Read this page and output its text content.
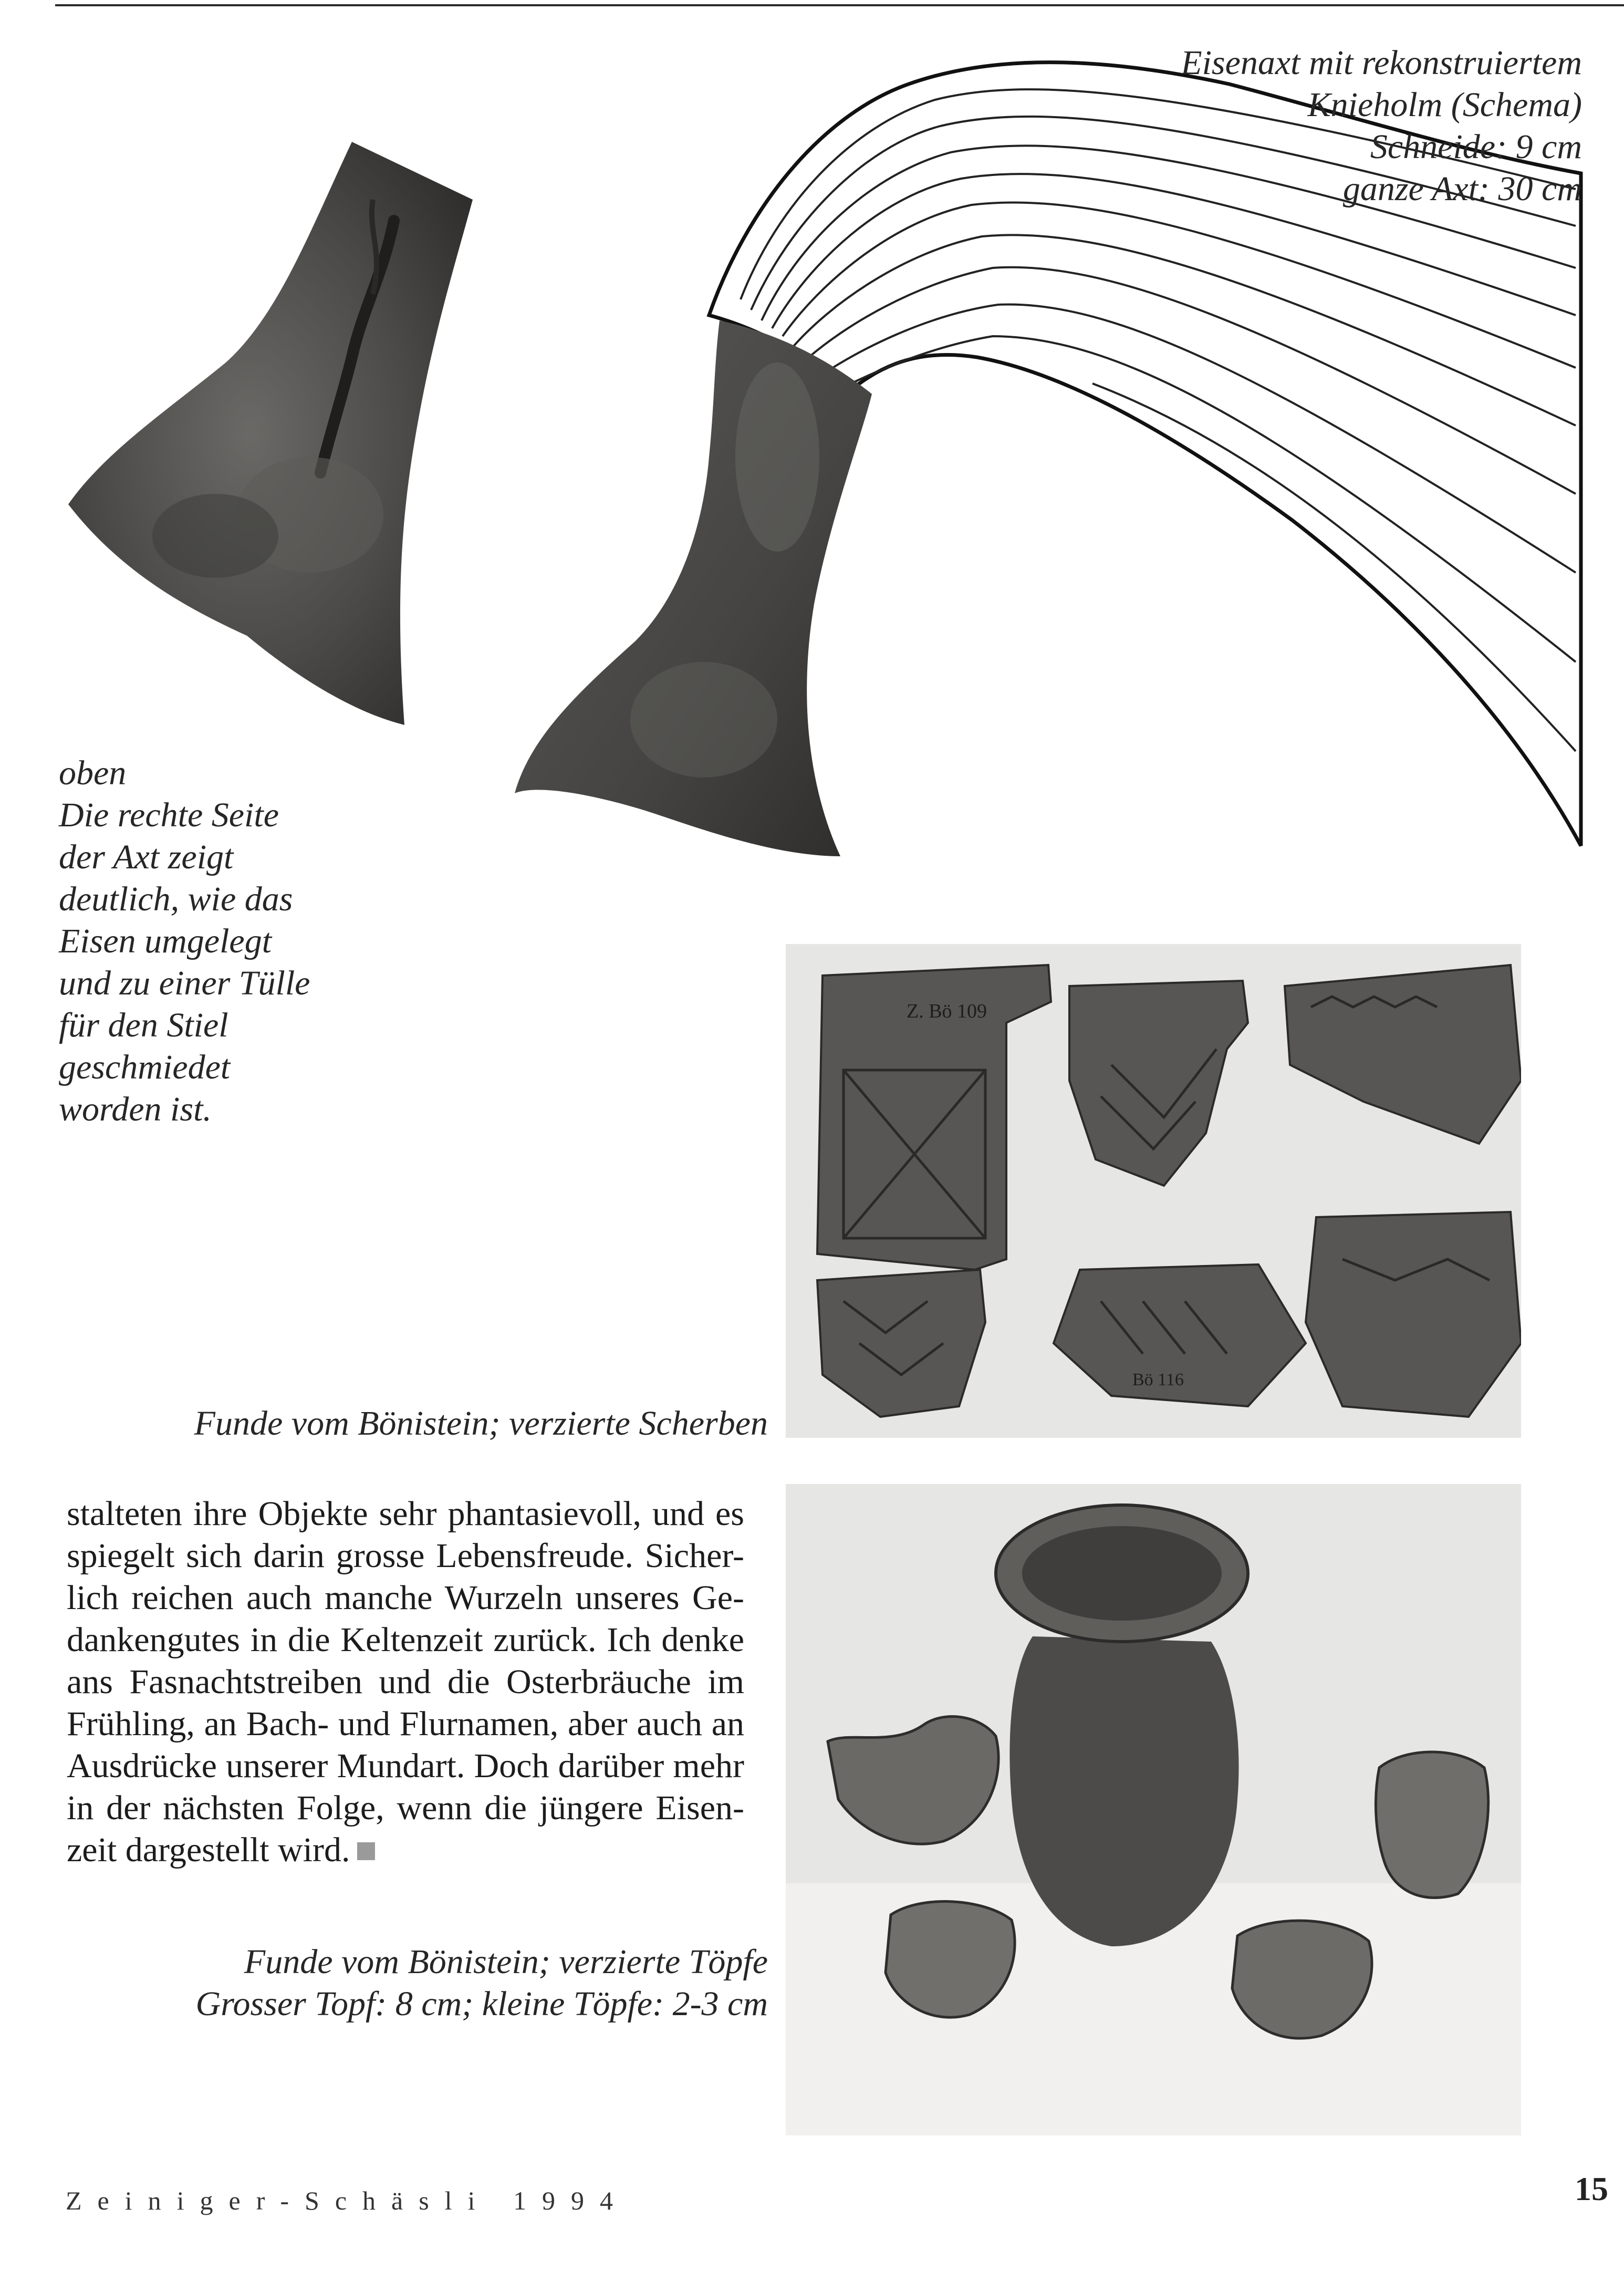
Eisenaxt mit rekonstruiertem
Knieholm (Schema)
Schneide: 9 cm
ganze Axt: 30 cm
oben
Die rechte Seite
der Axt zeigt
deutlich, wie das
Eisen umgelegt
und zu einer Tülle
für den Stiel
geschmiedet
worden ist.
Z. Bö 109
Bö 116
Funde vom Bönistein; verzierte Scherben
stalteten ihre Objekte sehr phantasievoll, und es
spiegelt sich darin grosse Lebensfreude. Sicher-
lich reichen auch manche Wurzeln unseres Ge-
dankengutes in die Keltenzeit zurück. Ich denke
ans Fasnachtstreiben und die Osterbräuche im
Frühling, an Bach- und Flurnamen, aber auch an
Ausdrücke unserer Mundart. Doch darüber mehr
in der nächsten Folge, wenn die jüngere Eisen-
zeit dargestellt wird.
Funde vom Bönistein; verzierte Töpfe
Grosser Topf: 8 cm; kleine Töpfe: 2-3 cm
Zeiniger-Schäsli 1994	15
